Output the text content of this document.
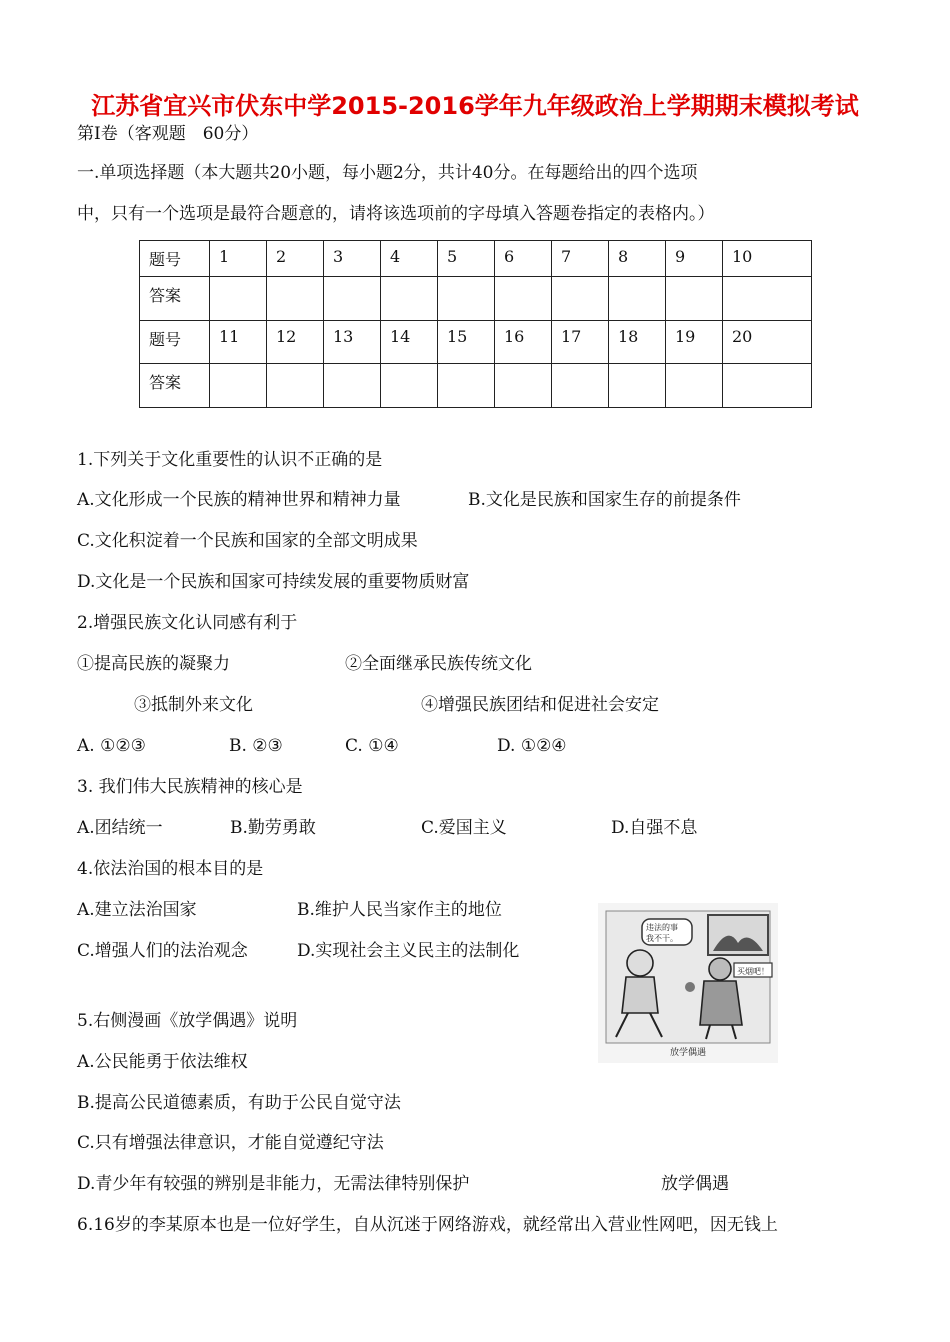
江苏省宜兴市伏东中学2015-2016学年九年级政治上学期期末模拟考试
第Ⅰ卷（客观题　60分）
一.单项选择题（本大题共20小题，每小题2分，共计40分。在每题给出的四个选项
中，只有一个选项是最符合题意的，请将该选项前的字母填入答题卷指定的表格内。）
题号	1	2	3	4	5	6	7	8	9	10
答案										
题号	11	12	13	14	15	16	17	18	19	20
答案										
1.下列关于文化重要性的认识不正确的是
A.文化形成一个民族的精神世界和精神力量	B.文化是民族和国家生存的前提条件
C.文化积淀着一个民族和国家的全部文明成果
D.文化是一个民族和国家可持续发展的重要物质财富
2.增强民族文化认同感有利于
①提高民族的凝聚力	②全面继承民族传统文化
③抵制外来文化	④增强民族团结和促进社会安定
A. ①②③	B. ②③	C. ①④	D. ①②④
3. 我们伟大民族精神的核心是
A.团结统一	B.勤劳勇敢	C.爱国主义	D.自强不息
4.依法治国的根本目的是
A.建立法治国家	B.维护人民当家作主的地位
C.增强人们的法治观念	D.实现社会主义民主的法制化
违法的事
我不干。
买烟吧！
放学偶遇
5.右侧漫画《放学偶遇》说明
A.公民能勇于依法维权
B.提高公民道德素质，有助于公民自觉守法
C.只有增强法律意识，才能自觉遵纪守法
D.青少年有较强的辨别是非能力，无需法律特别保护	放学偶遇
6.16岁的李某原本也是一位好学生，自从沉迷于网络游戏，就经常出入营业性网吧，因无钱上
